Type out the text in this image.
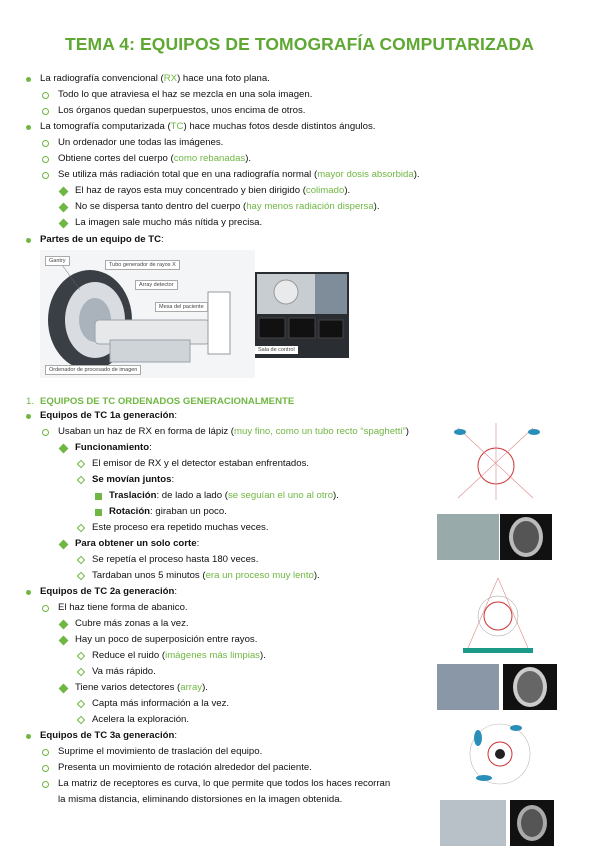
TEMA 4: EQUIPOS DE TOMOGRAFÍA COMPUTARIZADA
La radiografía convencional (RX) hace una foto plana.
Todo lo que atraviesa el haz se mezcla en una sola imagen.
Los órganos quedan superpuestos, unos encima de otros.
La tomografía computarizada (TC) hace muchas fotos desde distintos ángulos.
Un ordenador une todas las imágenes.
Obtiene cortes del cuerpo (como rebanadas).
Se utiliza más radiación total que en una radiografía normal (mayor dosis absorbida).
El haz de rayos esta muy concentrado y bien dirigido (colimado).
No se dispersa tanto dentro del cuerpo (hay menos radiación dispersa).
La imagen sale mucho más nítida y precisa.
Partes de un equipo de TC:
Equipos de TC 1a generación:
Usaban un haz de RX en forma de lápiz (muy fino, como un tubo recto “spaghetti”)
Funcionamiento:
El emisor de RX y el detector estaban enfrentados.
Se movían juntos:
Traslación: de lado a lado (se seguían el uno al otro).
Rotación: giraban un poco.
Este proceso era repetido muchas veces.
Para obtener un solo corte:
Se repetía el proceso hasta 180 veces.
Tardaban unos 5 minutos (era un proceso muy lento).
Equipos de TC 2a generación:
El haz tiene forma de abanico.
Cubre más zonas a la vez.
Hay un poco de superposición entre rayos.
Reduce el ruido (imágenes más limpias).
Va más rápido.
Tiene varios detectores (array).
Capta más información a la vez.
Acelera la exploración.
Equipos de TC 3a generación:
Suprime el movimiento de traslación del equipo.
Presenta un movimiento de rotación alrededor del paciente.
La matriz de receptores es curva, lo que permite que todos los haces recorran
la misma distancia, eliminando distorsiones en la imagen obtenida.
1. EQUIPOS DE TC ORDENADOS GENERACIONALMENTE
Gantry
Tubo generador de rayos X
Array detector
Mesa del paciente
Ordenador de procesado de imagen
Sala de control
